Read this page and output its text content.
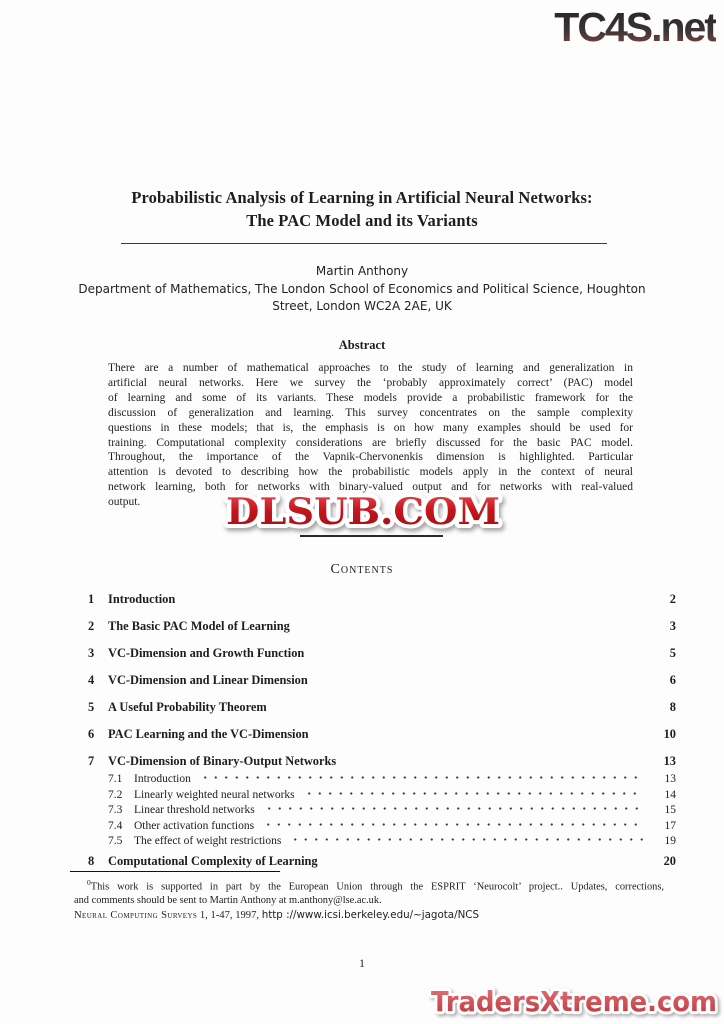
TC4S.net
Probabilistic Analysis of Learning in Artificial Neural Networks:
The PAC Model and its Variants
Martin Anthony
Department of Mathematics, The London School of Economics and Political Science, Houghton
Street, London WC2A 2AE, UK
Abstract
There are a number of mathematical approaches to the study of learning and generalization in
artificial neural networks. Here we survey the ‘probably approximately correct’ (PAC) model
of learning and some of its variants. These models provide a probabilistic framework for the
discussion of generalization and learning. This survey concentrates on the sample complexity
questions in these models; that is, the emphasis is on how many examples should be used for
training. Computational complexity considerations are briefly discussed for the basic PAC model.
Throughout, the importance of the Vapnik-Chervonenkis dimension is highlighted. Particular
attention is devoted to describing how the probabilistic models apply in the context of neural
network learning, both for networks with binary-valued output and for networks with real-valued
output.	DLSUB.COM
Contents
1	Introduction	2
2	The Basic PAC Model of Learning	3
3	VC-Dimension and Growth Function	5
4	VC-Dimension and Linear Dimension	6
5	A Useful Probability Theorem	8
6	PAC Learning and the VC-Dimension	10
7	VC-Dimension of Binary-Output Networks	13
7.1	Introduction	13
7.2	Linearly weighted neural networks	14
7.3	Linear threshold networks	15
7.4	Other activation functions	17
7.5	The effect of weight restrictions	19
8	Computational Complexity of Learning	20
$^0$This work is supported in part by the European Union through the ESPRIT ‘Neurocolt’ project.. Updates, corrections,
and comments should be sent to Martin Anthony at m.anthony@lse.ac.uk.
Neural Computing Surveys 1, 1-47, 1997, http ://www.icsi.berkeley.edu/~jagota/NCS
1
TradersXtreme.com
